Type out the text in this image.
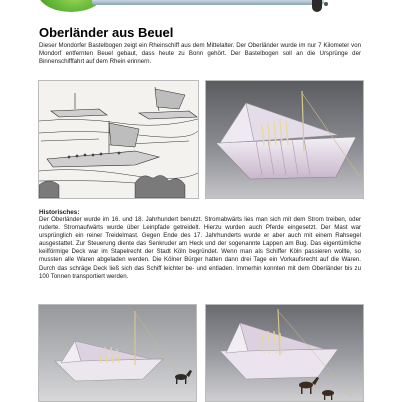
Oberländer aus Beuel

Dieser Mondorfer Bastelbogen zeigt ein Rheinschiff aus dem Mittelalter. Der Oberländer wurde im nur 7 Kilometer von Mondorf entfernten Beuel gebaut, dass heute zu Bonn gehört. Der Bastelbogen soll an die Ursprünge der Binnenschifffahrt auf dem Rhein erinnern.

Historisches:

Der Oberländer wurde im 16. und 18. Jahrhundert benutzt. Stromabwärts lies man sich mit dem Strom treiben, oder ruderte. Stromaufwärts wurde über Leinpfade getreidelt. Hierzu wurden auch Pferde eingesetzt. Der Mast war ursprünglich ein reiner Treidelmast. Gegen Ende des 17. Jahrhunderts wurde er aber auch mit einem Rahsegel ausgestattet. Zur Steuerung diente das Senkruder am Heck und der sogenannte Lappen am Bug. Das eigentümliche keilförmige Deck war im Stapelrecht der Stadt Köln begründet. Wenn man als Schiffer Köln passieren wollte, so mussten alle Waren abgeladen werden. Die Kölner Bürger hatten dann drei Tage ein Vorkaufsrecht auf die Waren. Durch das schräge Deck ließ sich das Schiff leichter be- und entladen. Immerhin konnten mit dem Oberländer bis zu 100 Tonnen transportiert werden.
